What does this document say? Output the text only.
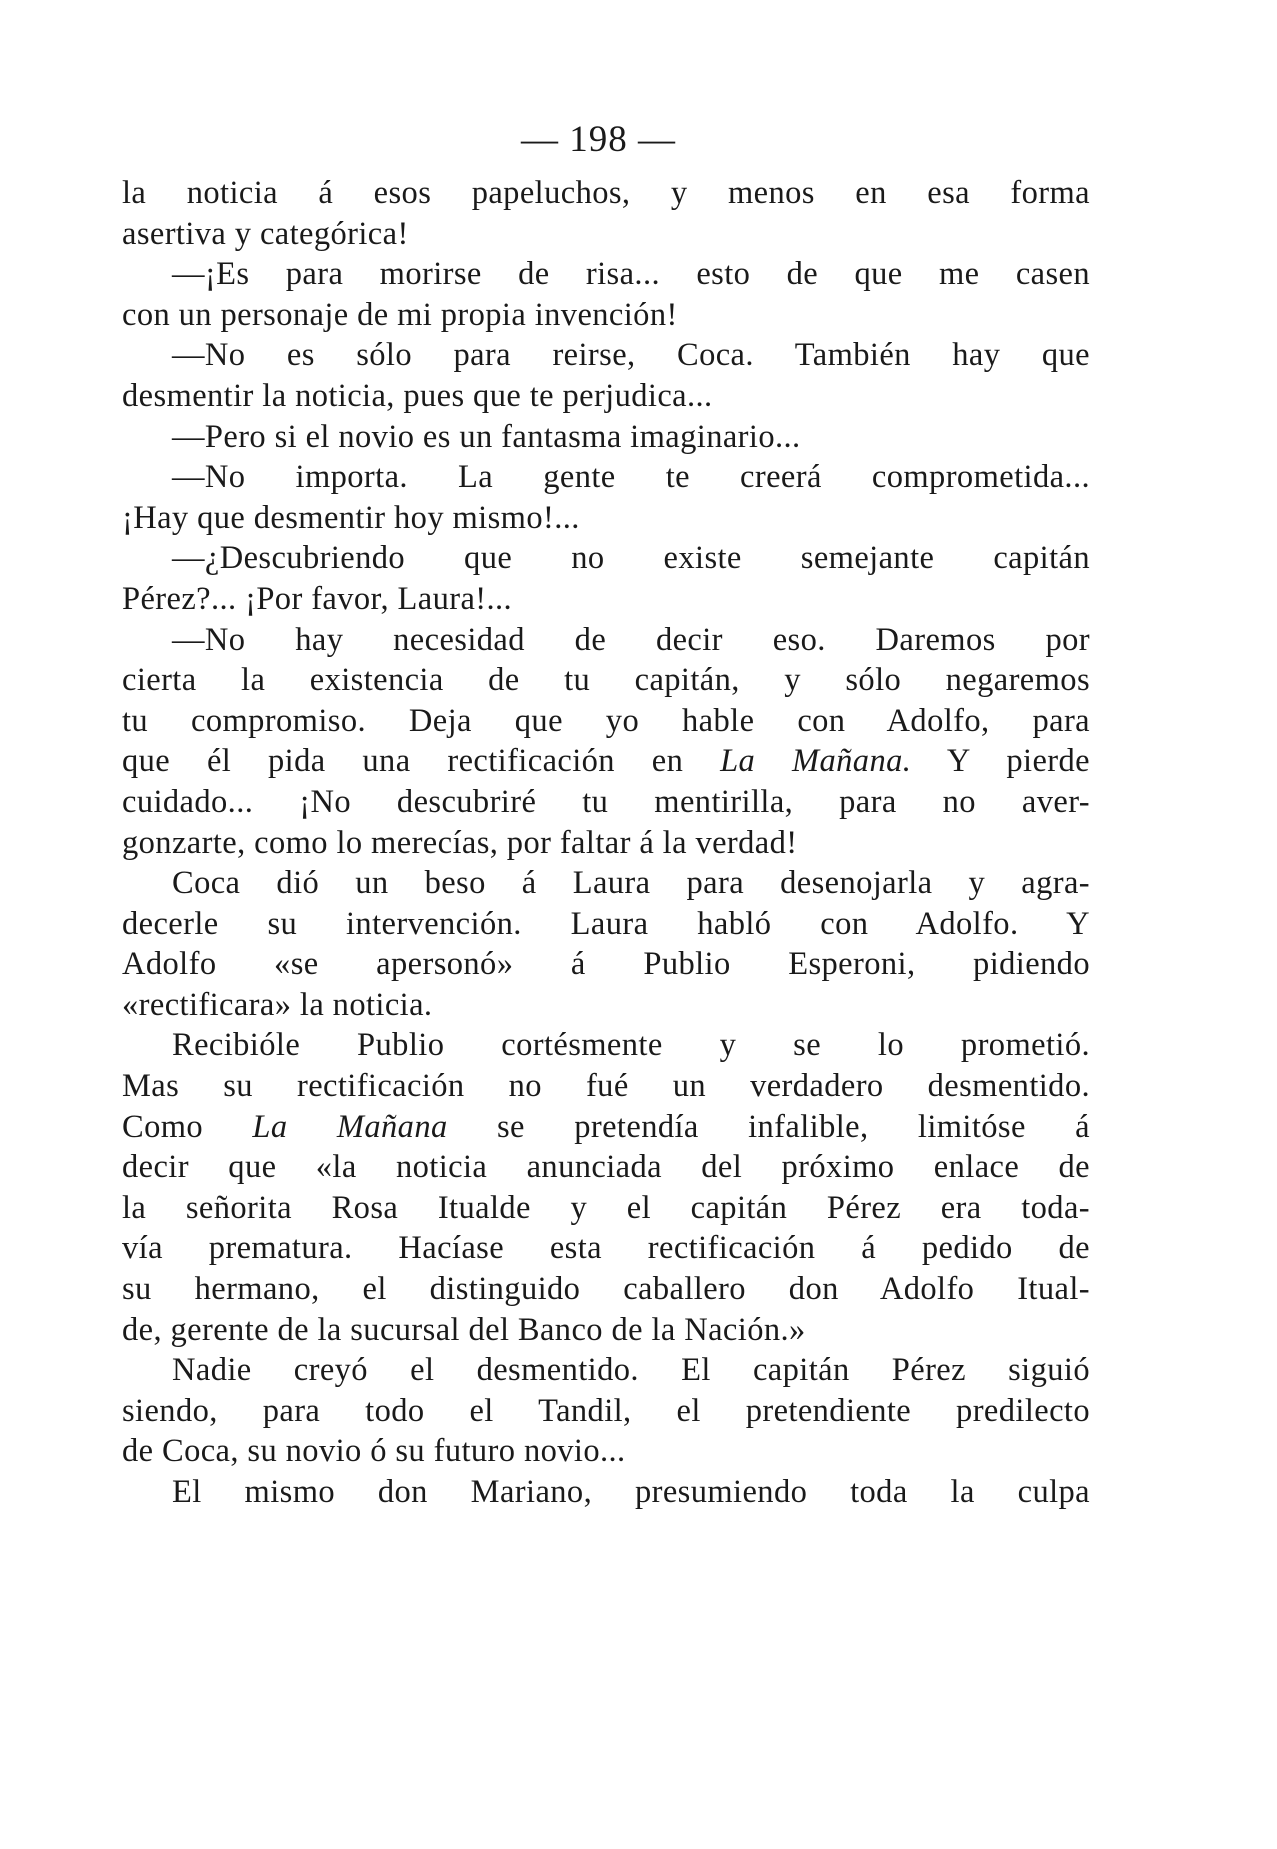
— 198 —
la noticia á esos papeluchos, y menos en esa forma
asertiva y categórica!
—¡Es para morirse de risa... esto de que me casen
con un personaje de mi propia invención!
—No es sólo para reirse, Coca. También hay que
desmentir la noticia, pues que te perjudica...
—Pero si el novio es un fantasma imaginario...
—No importa. La gente te creerá comprometida...
¡Hay que desmentir hoy mismo!...
—¿Descubriendo que no existe semejante capitán
Pérez?... ¡Por favor, Laura!...
—No hay necesidad de decir eso. Daremos por
cierta la existencia de tu capitán, y sólo negaremos
tu compromiso. Deja que yo hable con Adolfo, para
que él pida una rectificación en La Mañana. Y pierde
cuidado... ¡No descubriré tu mentirilla, para no aver-
gonzarte, como lo merecías, por faltar á la verdad!
Coca dió un beso á Laura para desenojarla y agra-
decerle su intervención. Laura habló con Adolfo. Y
Adolfo «se apersonó» á Publio Esperoni, pidiendo
«rectificara» la noticia.
Recibióle Publio cortésmente y se lo prometió.
Mas su rectificación no fué un verdadero desmentido.
Como La Mañana se pretendía infalible, limitóse á
decir que «la noticia anunciada del próximo enlace de
la señorita Rosa Itualde y el capitán Pérez era toda-
vía prematura. Hacíase esta rectificación á pedido de
su hermano, el distinguido caballero don Adolfo Itual-
de, gerente de la sucursal del Banco de la Nación.»
Nadie creyó el desmentido. El capitán Pérez siguió
siendo, para todo el Tandil, el pretendiente predilecto
de Coca, su novio ó su futuro novio...
El mismo don Mariano, presumiendo toda la culpa
